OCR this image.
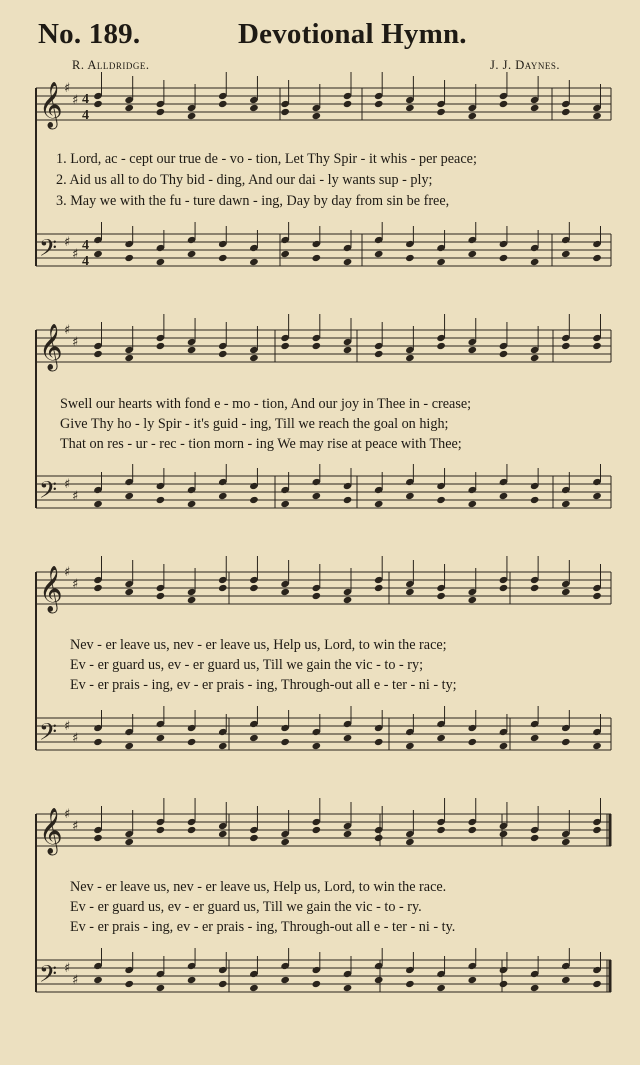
No. 189.	Devotional Hymn.
R. Alldridge.	J. J. Daynes.
𝄞 ♯
♯ 4
4
𝄢 ♯
♯
4
4
𝄞 ♯
♯
𝄢 ♯
♯
𝄞 ♯
♯
𝄢 ♯
♯
𝄞 ♯
♯
𝄢 ♯
♯
1. Lord, ac - cept our true de - vo - tion, Let Thy Spir - it whis - per peace;
2. Aid us all to do Thy bid - ding, And our dai - ly wants sup - ply;
3. May we with the fu - ture dawn - ing, Day by day from sin be free,
Swell our hearts with fond e - mo - tion, And our joy in Thee in - crease;
Give Thy ho - ly Spir - it's guid - ing, Till we reach the goal on high;
That on res - ur - rec - tion morn - ing We may rise at peace with Thee;
Nev - er leave us, nev - er leave us, Help us, Lord, to win the race;
Ev - er guard us, ev - er guard us, Till we gain the vic - to - ry;
Ev - er prais - ing, ev - er prais - ing, Through-out all e - ter - ni - ty;
Nev - er leave us, nev - er leave us, Help us, Lord, to win the race.
Ev - er guard us, ev - er guard us, Till we gain the vic - to - ry.
Ev - er prais - ing, ev - er prais - ing, Through-out all e - ter - ni - ty.
